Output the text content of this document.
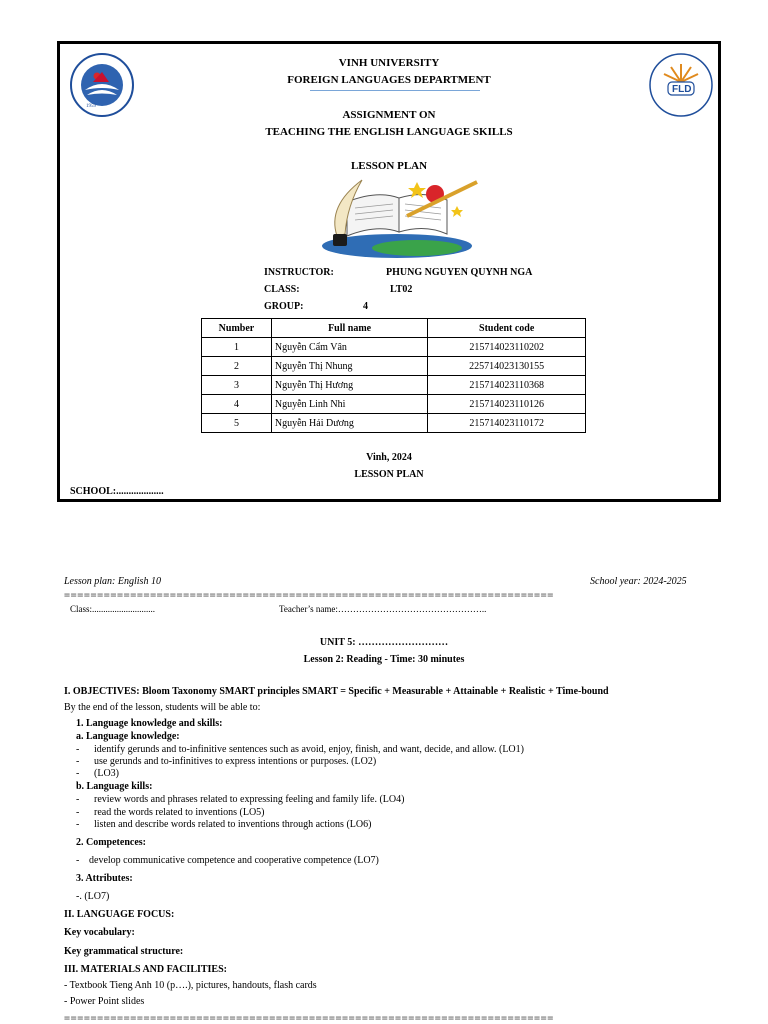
1959
FLD
VINH UNIVERSITY
FOREIGN LANGUAGES DEPARTMENT
ASSIGNMENT ON
TEACHING THE ENGLISH LANGUAGE SKILLS
LESSON PLAN
INSTRUCTOR:	PHUNG NGUYEN QUYNH NGA
CLASS:	LT02
GROUP:	4
Number	Full name	Student code
1	Nguyễn Cẩm Vân	215714023110202
2	Nguyễn Thị Nhung	225714023130155
3	Nguyễn Thị Hương	215714023110368
4	Nguyễn Linh Nhi	215714023110126
5	Nguyễn Hải Dương	215714023110172
Vinh, 2024
LESSON PLAN
SCHOOL:...................
Lesson plan: English 10	School year: 2024-2025
==========================================================================
Class:............................	Teacher’s name:…………………………………………..
UNIT 5: ………………………
Lesson 2: Reading - Time: 30 minutes
I. OBJECTIVES: Bloom Taxonomy SMART principles SMART = Specific + Measurable + Attainable + Realistic + Time-bound
By the end of the lesson, students will be able to:
1. Language knowledge and skills:
a. Language knowledge:
- identify gerunds and to-infinitive sentences such as avoid, enjoy, finish, and want, decide, and allow. (LO1)
- use gerunds and to-infinitives to express intentions or purposes. (LO2)
- (LO3)
b. Language kills:
- review words and phrases related to expressing feeling and family life. (LO4)
- read the words related to inventions (LO5)
- listen and describe words related to inventions through actions (LO6)
2. Competences:
- develop communicative competence and cooperative competence (LO7)
3. Attributes:
-. (LO7)
II. LANGUAGE FOCUS:
Key vocabulary:
Key grammatical structure:
III. MATERIALS AND FACILITIES:
- Textbook Tieng Anh 10 (p….), pictures, handouts, flash cards
- Power Point slides
==========================================================================
